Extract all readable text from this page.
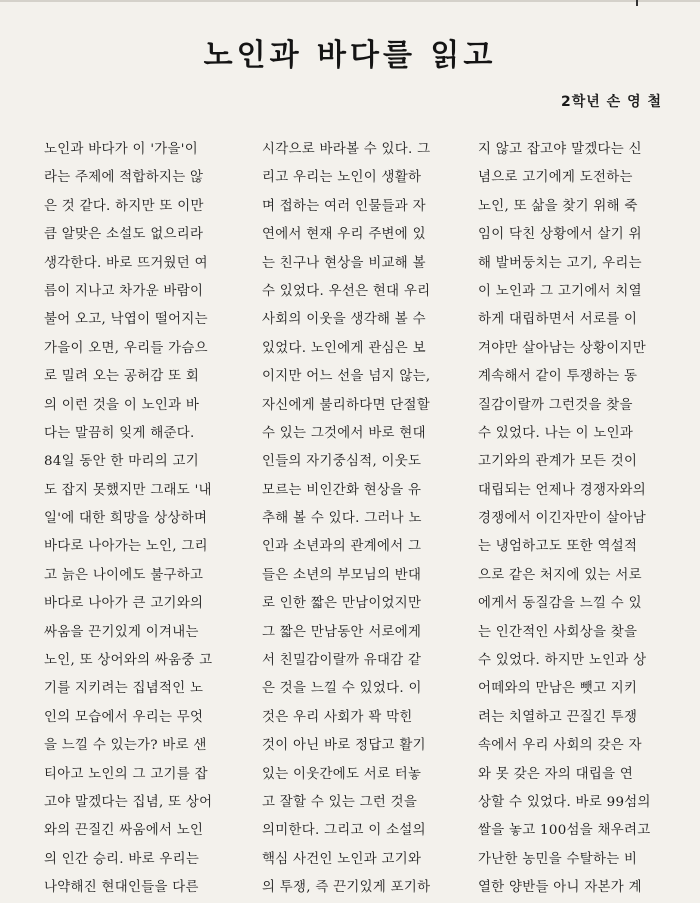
노인과 바다를 읽고
2학년 손 영 철
노인과 바다가 이 '가을'이
라는 주제에 적합하지는 않
은 것 같다. 하지만 또 이만
큼 알맞은 소설도 없으리라
생각한다. 바로 뜨거웠던 여
름이 지나고 차가운 바람이
불어 오고, 낙엽이 떨어지는
가을이 오면, 우리들 가슴으
로 밀려 오는 공허감 또 회
의 이런 것을 이 노인과 바
다는 말끔히 잊게 해준다.
84일 동안 한 마리의 고기
도 잡지 못했지만 그래도 '내
일'에 대한 희망을 상상하며
바다로 나아가는 노인, 그리
고 늙은 나이에도 불구하고
바다로 나아가 큰 고기와의
싸움을 끈기있게 이겨내는
노인, 또 상어와의 싸움중 고
기를 지키려는 집념적인 노
인의 모습에서 우리는 무엇
을 느낄 수 있는가? 바로 샌
티아고 노인의 그 고기를 잡
고야 말겠다는 집념, 또 상어
와의 끈질긴 싸움에서 노인
의 인간 승리. 바로 우리는
나약해진 현대인들을 다른
시각으로 바라볼 수 있다. 그
리고 우리는 노인이 생활하
며 접하는 여러 인물들과 자
연에서 현재 우리 주변에 있
는 친구나 현상을 비교해 볼
수 있었다. 우선은 현대 우리
사회의 이웃을 생각해 볼 수
있었다. 노인에게 관심은 보
이지만 어느 선을 넘지 않는,
자신에게 불리하다면 단절할
수 있는 그것에서 바로 현대
인들의 자기중심적, 이웃도
모르는 비인간화 현상을 유
추해 볼 수 있다. 그러나 노
인과 소년과의 관계에서 그
들은 소년의 부모님의 반대
로 인한 짧은 만남이었지만
그 짧은 만남동안 서로에게
서 친밀감이랄까 유대감 같
은 것을 느낄 수 있었다. 이
것은 우리 사회가 꽉 막힌
것이 아닌 바로 정답고 활기
있는 이웃간에도 서로 터놓
고 잘할 수 있는 그런 것을
의미한다. 그리고 이 소설의
핵심 사건인 노인과 고기와
의 투쟁, 즉 끈기있게 포기하
지 않고 잡고야 말겠다는 신
념으로 고기에게 도전하는
노인, 또 삶을 찾기 위해 죽
임이 닥친 상황에서 살기 위
해 발버둥치는 고기, 우리는
이 노인과 그 고기에서 치열
하게 대립하면서 서로를 이
겨야만 살아남는 상황이지만
계속해서 같이 투쟁하는 동
질감이랄까 그런것을 찾을
수 있었다. 나는 이 노인과
고기와의 관계가 모든 것이
대립되는 언제나 경쟁자와의
경쟁에서 이긴자만이 살아남
는 냉엄하고도 또한 역설적
으로 같은 처지에 있는 서로
에게서 동질감을 느낄 수 있
는 인간적인 사회상을 찾을
수 있었다. 하지만 노인과 상
어떼와의 만남은 뺏고 지키
려는 치열하고 끈질긴 투쟁
속에서 우리 사회의 갖은 자
와 못 갖은 자의 대립을 연
상할 수 있었다. 바로 99섬의
쌀을 놓고 100섬을 채우려고
가난한 농민을 수탈하는 비
열한 양반들 아니 자본가 계
